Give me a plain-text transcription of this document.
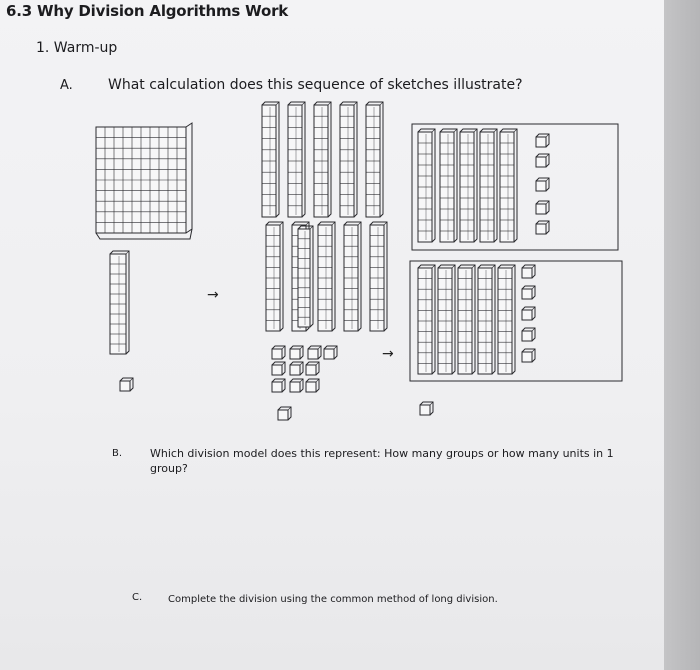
6.3 Why Division Algorithms Work
1. Warm-up
A.	What calculation does this sequence of sketches illustrate?
→
→
B.	Which division model does this represent: How many groups or how many units in 1 group?
C.	Complete the division using the common method of long division.
